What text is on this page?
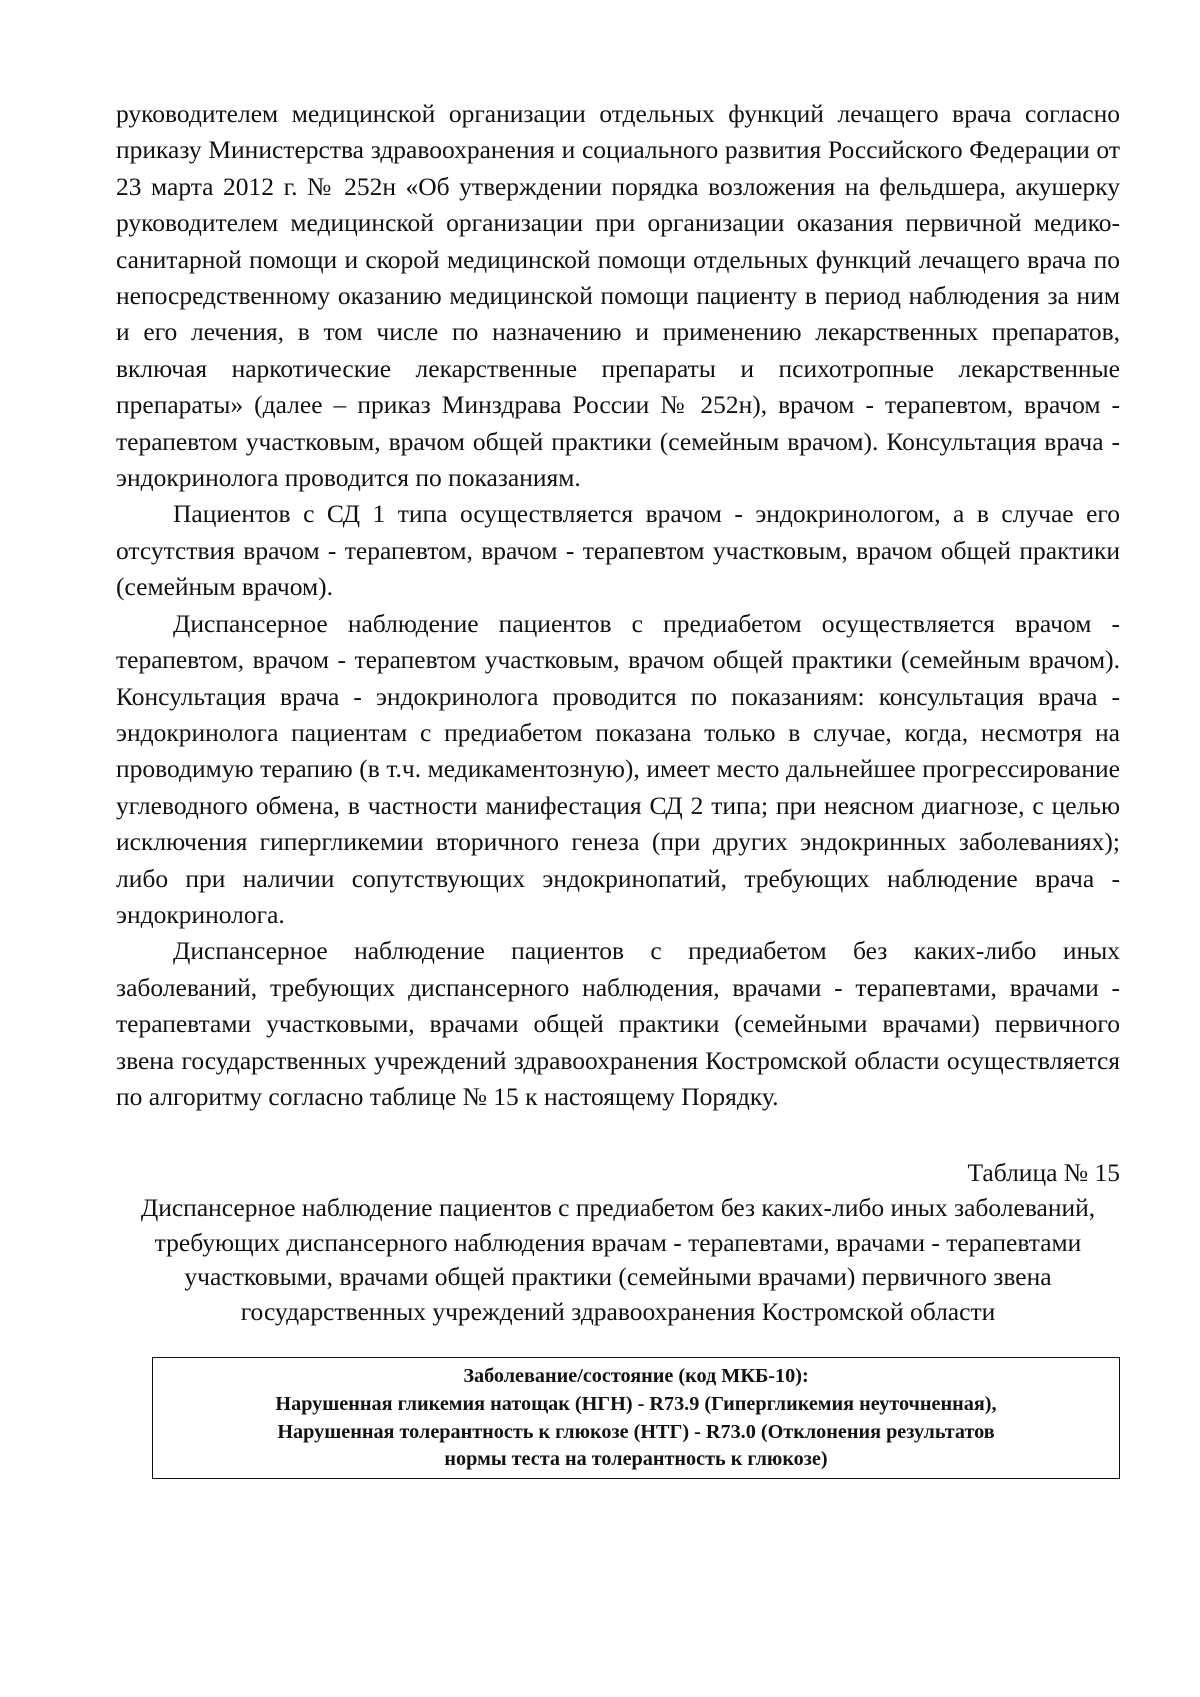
руководителем медицинской организации отдельных функций лечащего врача согласно приказу Министерства здравоохранения и социального развития Российского Федерации от 23 марта 2012 г. № 252н «Об утверждении порядка возложения на фельдшера, акушерку руководителем медицинской организации при организации оказания первичной медико-санитарной помощи и скорой медицинской помощи отдельных функций лечащего врача по непосредственному оказанию медицинской помощи пациенту в период наблюдения за ним и его лечения, в том числе по назначению и применению лекарственных препаратов, включая наркотические лекарственные препараты и психотропные лекарственные препараты» (далее – приказ Минздрава России № 252н), врачом - терапевтом, врачом - терапевтом участковым, врачом общей практики (семейным врачом). Консультация врача - эндокринолога проводится по показаниям.

Пациентов с СД 1 типа осуществляется врачом - эндокринологом, а в случае его отсутствия врачом - терапевтом, врачом - терапевтом участковым, врачом общей практики (семейным врачом).

Диспансерное наблюдение пациентов с предиабетом осуществляется врачом - терапевтом, врачом - терапевтом участковым, врачом общей практики (семейным врачом). Консультация врача - эндокринолога проводится по показаниям: консультация врача - эндокринолога пациентам с предиабетом показана только в случае, когда, несмотря на проводимую терапию (в т.ч. медикаментозную), имеет место дальнейшее прогрессирование углеводного обмена, в частности манифестация СД 2 типа; при неясном диагнозе, с целью исключения гипергликемии вторичного генеза (при других эндокринных заболеваниях); либо при наличии сопутствующих эндокринопатий, требующих наблюдение врача - эндокринолога.

Диспансерное наблюдение пациентов с предиабетом без каких-либо иных заболеваний, требующих диспансерного наблюдения, врачами - терапевтами, врачами - терапевтами участковыми, врачами общей практики (семейными врачами) первичного звена государственных учреждений здравоохранения Костромской области осуществляется по алгоритму согласно таблице № 15 к настоящему Порядку.

Таблица № 15

Диспансерное наблюдение пациентов с предиабетом без каких-либо иных заболеваний, требующих диспансерного наблюдения врачам - терапевтами, врачами - терапевтами участковыми, врачами общей практики (семейными врачами) первичного звена государственных учреждений здравоохранения Костромской области

Заболевание/состояние (код МКБ-10):
Нарушенная гликемия натощак (НГН) - R73.9 (Гипергликемия неуточненная),
Нарушенная толерантность к глюкозе (НТГ) - R73.0 (Отклонения результатов
нормы теста на толерантность к глюкозе)
